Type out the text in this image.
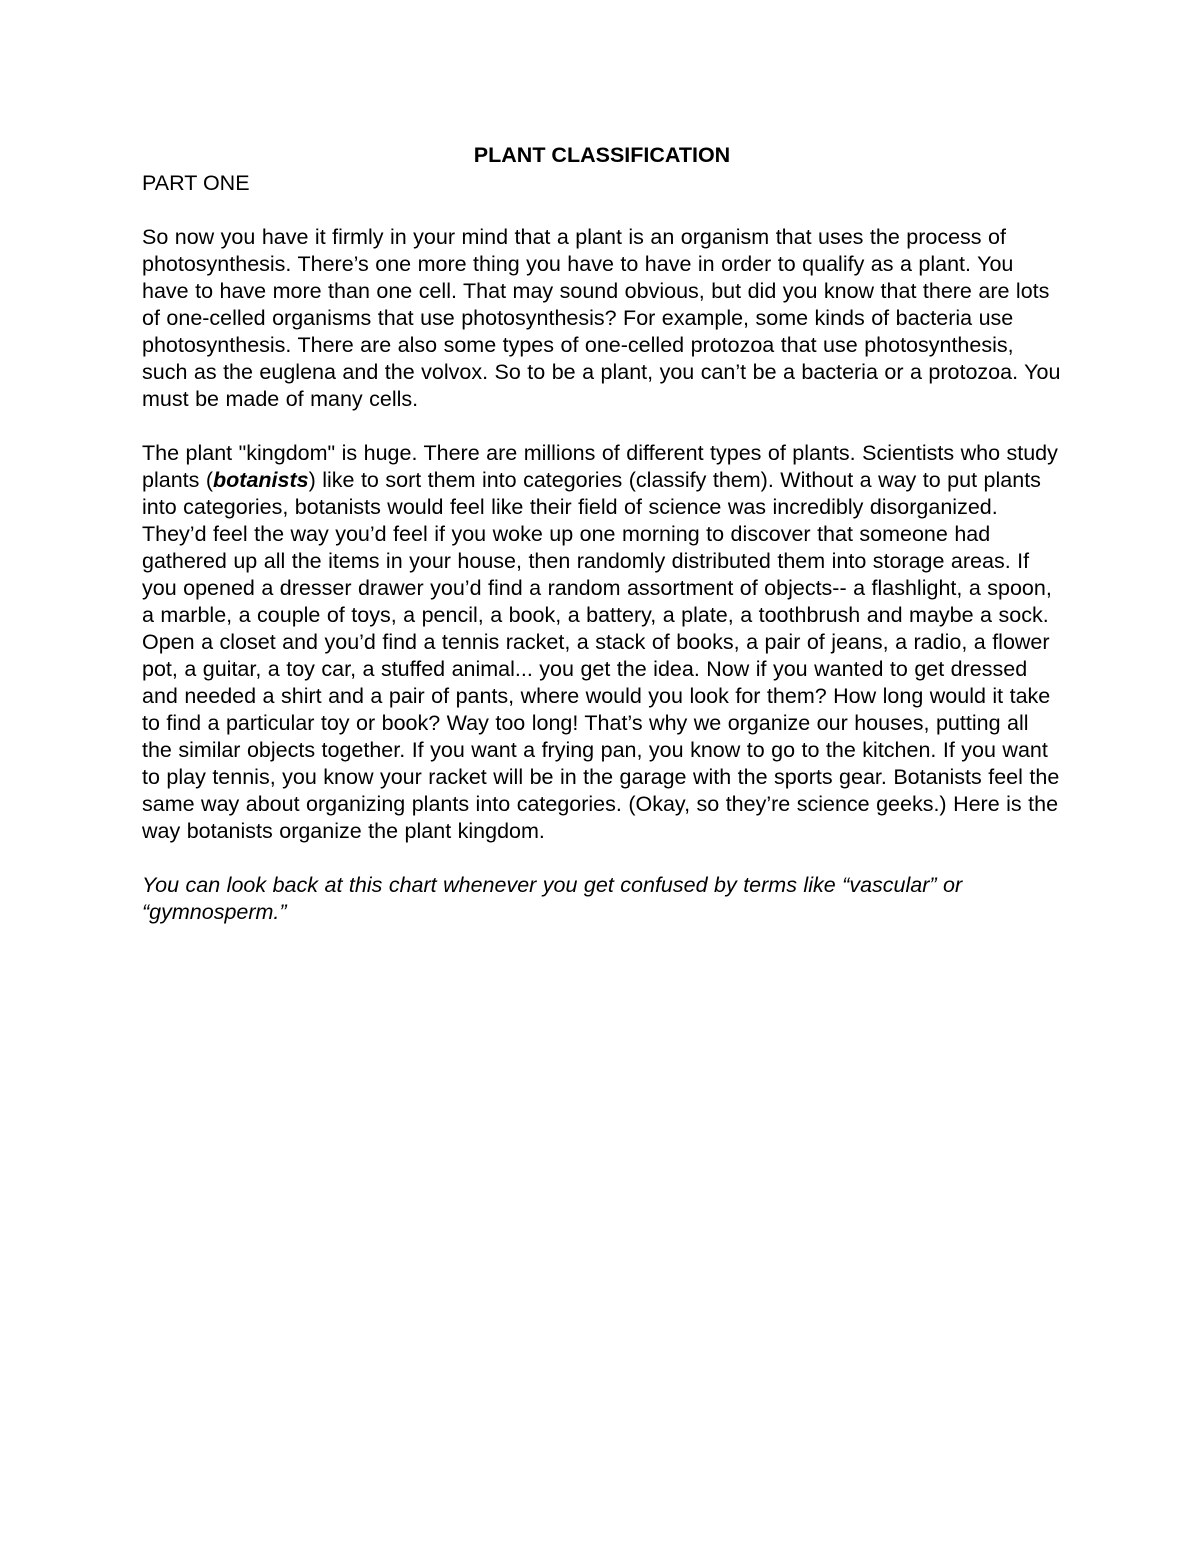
PLANT CLASSIFICATION
PART ONE

So now you have it firmly in your mind that a plant is an organism that uses the process of photosynthesis. There’s one more thing you have to have in order to qualify as a plant. You have to have more than one cell. That may sound obvious, but did you know that there are lots of one-celled organisms that use photosynthesis? For example, some kinds of bacteria use photosynthesis. There are also some types of one-celled protozoa that use photosynthesis, such as the euglena and the volvox. So to be a plant, you can’t be a bacteria or a protozoa. You must be made of many cells.

The plant "kingdom" is huge. There are millions of different types of plants. Scientists who study plants (botanists) like to sort them into categories (classify them). Without a way to put plants into categories, botanists would feel like their field of science was incredibly disorganized. They’d feel the way you’d feel if you woke up one morning to discover that someone had gathered up all the items in your house, then randomly distributed them into storage areas. If you opened a dresser drawer you’d find a random assortment of objects-- a flashlight, a spoon, a marble, a couple of toys, a pencil, a book, a battery, a plate, a toothbrush and maybe a sock. Open a closet and you’d find a tennis racket, a stack of books, a pair of jeans, a radio, a flower pot, a guitar, a toy car, a stuffed animal... you get the idea. Now if you wanted to get dressed and needed a shirt and a pair of pants, where would you look for them? How long would it take to find a particular toy or book? Way too long! That’s why we organize our houses, putting all the similar objects together. If you want a frying pan, you know to go to the kitchen. If you want to play tennis, you know your racket will be in the garage with the sports gear. Botanists feel the same way about organizing plants into categories. (Okay, so they’re science geeks.) Here is the way botanists organize the plant kingdom.

You can look back at this chart whenever you get confused by terms like “vascular” or “gymnosperm.”
